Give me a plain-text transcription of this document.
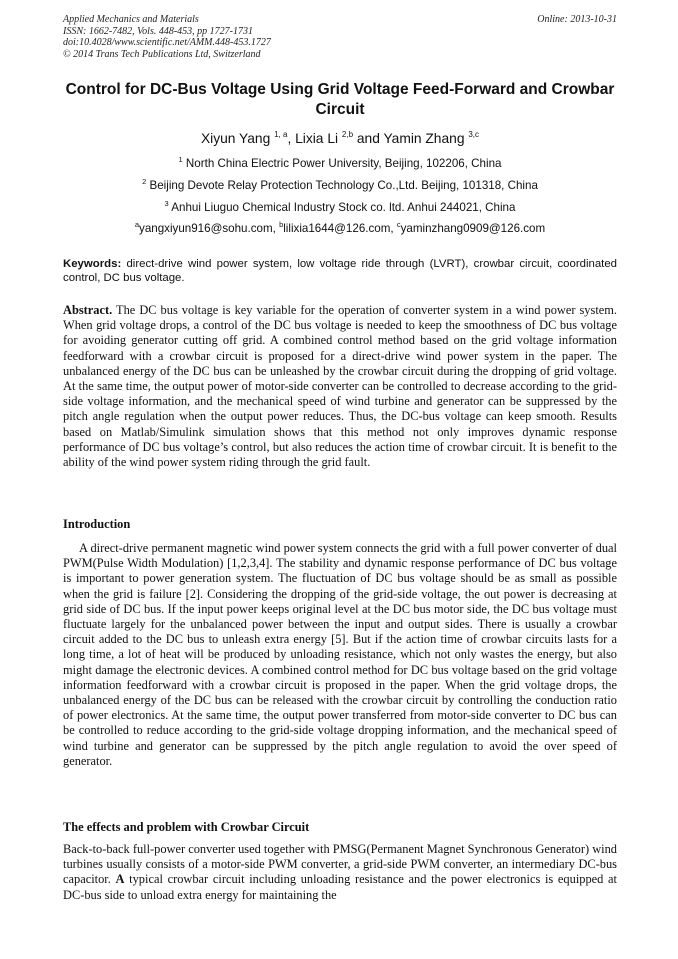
Applied Mechanics and Materials
ISSN: 1662-7482, Vols. 448-453, pp 1727-1731
doi:10.4028/www.scientific.net/AMM.448-453.1727
© 2014 Trans Tech Publications Ltd, Switzerland
Online: 2013-10-31
Control for DC-Bus Voltage Using Grid Voltage Feed-Forward and Crowbar Circuit
Xiyun Yang $^{1, a}$, Lixia Li $^{2,b}$ and Yamin Zhang $^{3,c}$
$^1$ North China Electric Power University, Beijing, 102206, China
$^2$ Beijing Devote Relay Protection Technology Co.,Ltd. Beijing, 101318, China
$^3$ Anhui Liuguo Chemical Industry Stock co. ltd. Anhui 244021, China
$^a$yangxiyun916@sohu.com, $^b$lilixia1644@126.com, $^c$yaminzhang0909@126.com
Keywords: direct-drive wind power system, low voltage ride through (LVRT), crowbar circuit, coordinated control, DC bus voltage.
Abstract. The DC bus voltage is key variable for the operation of converter system in a wind power system. When grid voltage drops, a control of the DC bus voltage is needed to keep the smoothness of DC bus voltage for avoiding generator cutting off grid. A combined control method based on the grid voltage information feedforward with a crowbar circuit is proposed for a direct-drive wind power system in the paper. The unbalanced energy of the DC bus can be unleashed by the crowbar circuit during the dropping of grid voltage. At the same time, the output power of motor-side converter can be controlled to decrease according to the grid-side voltage information, and the mechanical speed of wind turbine and generator can be suppressed by the pitch angle regulation when the output power reduces. Thus, the DC-bus voltage can keep smooth. Results based on Matlab/Simulink simulation shows that this method not only improves dynamic response performance of DC bus voltage’s control, but also reduces the action time of crowbar circuit. It is benefit to the ability of the wind power system riding through the grid fault.
Introduction
A direct-drive permanent magnetic wind power system connects the grid with a full power converter of dual PWM(Pulse Width Modulation) [1,2,3,4]. The stability and dynamic response performance of DC bus voltage is important to power generation system. The fluctuation of DC bus voltage should be as small as possible when the grid is failure [2]. Considering the dropping of the grid-side voltage, the out power is decreasing at grid side of DC bus. If the input power keeps original level at the DC bus motor side, the DC bus voltage must fluctuate largely for the unbalanced power between the input and output sides. There is usually a crowbar circuit added to the DC bus to unleash extra energy [5]. But if the action time of crowbar circuits lasts for a long time, a lot of heat will be produced by unloading resistance, which not only wastes the energy, but also might damage the electronic devices. A combined control method for DC bus voltage based on the grid voltage information feedforward with a crowbar circuit is proposed in the paper. When the grid voltage drops, the unbalanced energy of the DC bus can be released with the crowbar circuit by controlling the conduction ratio of power electronics. At the same time, the output power transferred from motor-side converter to DC bus can be controlled to reduce according to the grid-side voltage dropping information, and the mechanical speed of wind turbine and generator can be suppressed by the pitch angle regulation to avoid the over speed of generator.
The effects and problem with Crowbar Circuit
Back-to-back full-power converter used together with PMSG(Permanent Magnet Synchronous Generator) wind turbines usually consists of a motor-side PWM converter, a grid-side PWM converter, an intermediary DC-bus capacitor. A typical crowbar circuit including unloading resistance and the power electronics is equipped at DC-bus side to unload extra energy for maintaining the
